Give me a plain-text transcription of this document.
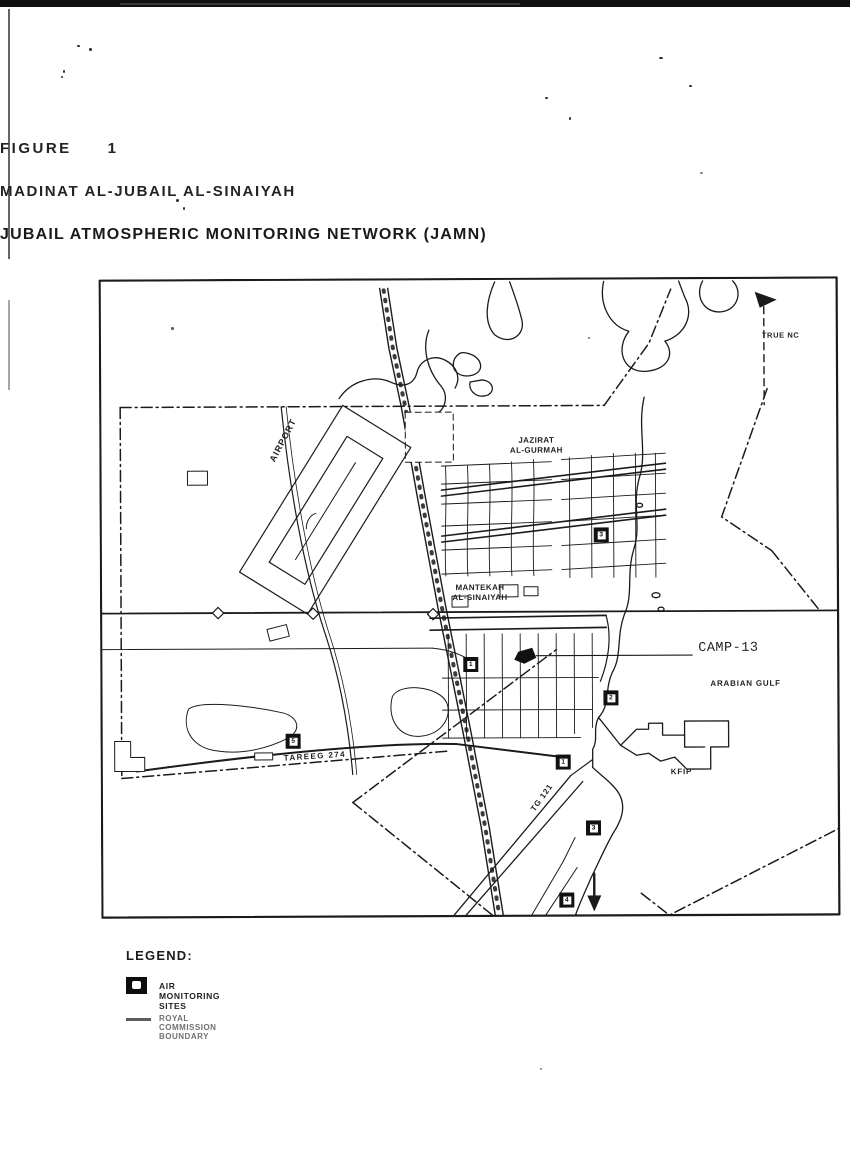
FIGURE 1
MADINAT AL-JUBAIL AL-SINAIYAH
JUBAIL ATMOSPHERIC MONITORING NETWORK (JAMN)
TRUE NC
JAZIRAT
AL-GURMAH
AIRPORT
MANTEKAH
AL-SINAIYAH
CAMP-13
ARABIAN GULF
TAREEG 274
TG 121
KFIP
3
1
2
5
1
3
4
LEGEND:
AIR MONITORING SITES
ROYAL COMMISSION BOUNDARY
